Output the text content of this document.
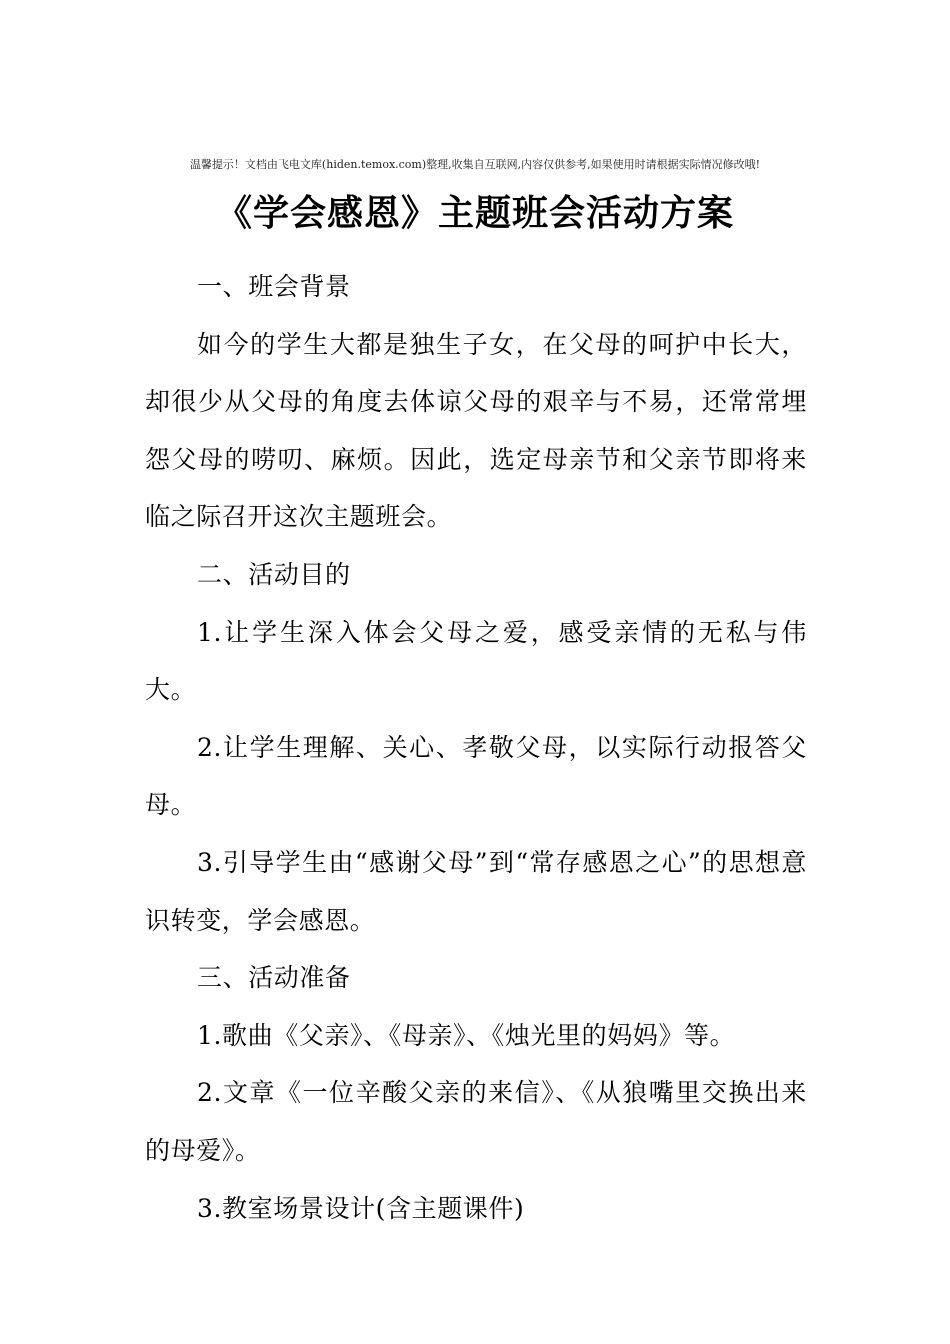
温馨提示！文档由飞电文库(hiden.temox.com)整理,收集自互联网,内容仅供参考,如果使用时请根据实际情况修改哦!
《学会感恩》主题班会活动方案

一、班会背景

如今的学生大都是独生子女，在父母的呵护中长大，却很少从父母的角度去体谅父母的艰辛与不易，还常常埋怨父母的唠叨、麻烦。因此，选定母亲节和父亲节即将来临之际召开这次主题班会。

二、活动目的

1.让学生深入体会父母之爱，感受亲情的无私与伟大。

2.让学生理解、关心、孝敬父母，以实际行动报答父母。

3.引导学生由“感谢父母”到“常存感恩之心”的思想意识转变，学会感恩。

三、活动准备

1.歌曲《父亲》、《母亲》、《烛光里的妈妈》等。

2.文章《一位辛酸父亲的来信》、《从狼嘴里交换出来的母爱》。

3.教室场景设计(含主题课件)
